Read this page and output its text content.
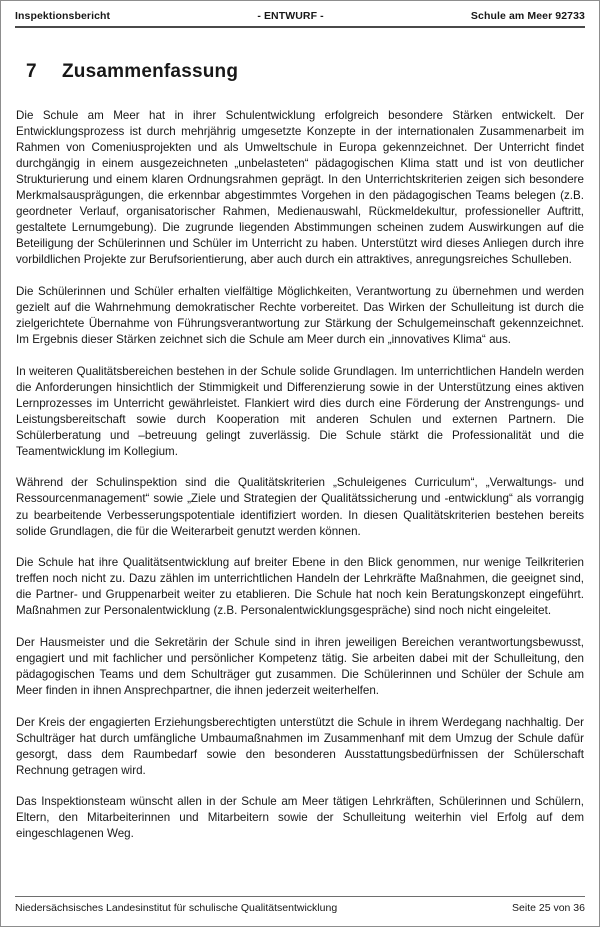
Inspektionsbericht	- ENTWURF -	Schule am Meer 92733
7	Zusammenfassung

Die Schule am Meer hat in ihrer Schulentwicklung erfolgreich besondere Stärken entwickelt. Der Entwicklungsprozess ist durch mehrjährig umgesetzte Konzepte in der internationalen Zusammenarbeit im Rahmen von Comeniusprojekten und als Umweltschule in Europa gekennzeichnet. Der Unterricht findet durchgängig in einem ausgezeichneten „unbelasteten“ pädagogischen Klima statt und ist von deutlicher Strukturierung und einem klaren Ordnungsrahmen geprägt. In den Unterrichtskriterien zeigen sich besondere Merkmalsausprägungen, die erkennbar abgestimmtes Vorgehen in den pädagogischen Teams belegen (z.B. geordneter Verlauf, organisatorischer Rahmen, Medienauswahl, Rückmeldekultur, professioneller Auftritt, gestaltete Lernumgebung). Die zugrunde liegenden Abstimmungen scheinen zudem Auswirkungen auf die Beteiligung der Schülerinnen und Schüler im Unterricht zu haben. Unterstützt wird dieses Anliegen durch ihre vorbildlichen Projekte zur Berufsorientierung, aber auch durch ein attraktives, anregungsreiches Schulleben.

Die Schülerinnen und Schüler erhalten vielfältige Möglichkeiten, Verantwortung zu übernehmen und werden gezielt auf die Wahrnehmung demokratischer Rechte vorbereitet. Das Wirken der Schulleitung ist durch die zielgerichtete Übernahme von Führungsverantwortung zur Stärkung der Schulgemeinschaft gekennzeichnet. Im Ergebnis dieser Stärken zeichnet sich die Schule am Meer durch ein „innovatives Klima“ aus.

In weiteren Qualitätsbereichen bestehen in der Schule solide Grundlagen. Im unterrichtlichen Handeln werden die Anforderungen hinsichtlich der Stimmigkeit und Differenzierung sowie in der Unterstützung eines aktiven Lernprozesses im Unterricht gewährleistet. Flankiert wird dies durch eine Förderung der Anstrengungs- und Leistungsbereitschaft sowie durch Kooperation mit anderen Schulen und externen Partnern. Die Schülerberatung und –betreuung gelingt zuverlässig. Die Schule stärkt die Professionalität und die Teamentwicklung im Kollegium.

Während der Schulinspektion sind die Qualitätskriterien „Schuleigenes Curriculum“, „Verwaltungs- und Ressourcenmanagement“ sowie „Ziele und Strategien der Qualitätssicherung und -entwicklung“ als vorrangig zu bearbeitende Verbesserungspotentiale identifiziert worden. In diesen Qualitätskriterien bestehen bereits solide Grundlagen, die für die Weiterarbeit genutzt werden können.

Die Schule hat ihre Qualitätsentwicklung auf breiter Ebene in den Blick genommen, nur wenige Teilkriterien treffen noch nicht zu. Dazu zählen im unterrichtlichen Handeln der Lehrkräfte Maßnahmen, die geeignet sind, die Partner- und Gruppenarbeit weiter zu etablieren. Die Schule hat noch kein Beratungskonzept eingeführt. Maßnahmen zur Personalentwicklung (z.B. Personalentwicklungsgespräche) sind noch nicht eingeleitet.

Der Hausmeister und die Sekretärin der Schule sind in ihren jeweiligen Bereichen verantwortungsbewusst, engagiert und mit fachlicher und persönlicher Kompetenz tätig. Sie arbeiten dabei mit der Schulleitung, den pädagogischen Teams und dem Schulträger gut zusammen. Die Schülerinnen und Schüler der Schule am Meer finden in ihnen Ansprechpartner, die ihnen jederzeit weiterhelfen.

Der Kreis der engagierten Erziehungsberechtigten unterstützt die Schule in ihrem Werdegang nachhaltig. Der Schulträger hat durch umfängliche Umbaumaßnahmen im Zusammenhanf mit dem Umzug der Schule dafür gesorgt, dass dem Raumbedarf sowie den besonderen Ausstattungsbedürfnissen der Schülerschaft Rechnung getragen wird.

Das Inspektionsteam wünscht allen in der Schule am Meer tätigen Lehrkräften, Schülerinnen und Schülern, Eltern, den Mitarbeiterinnen und Mitarbeitern sowie der Schulleitung weiterhin viel Erfolg auf dem eingeschlagenen Weg.

Niedersächsisches Landesinstitut für schulische Qualitätsentwicklung	Seite 25 von 36
